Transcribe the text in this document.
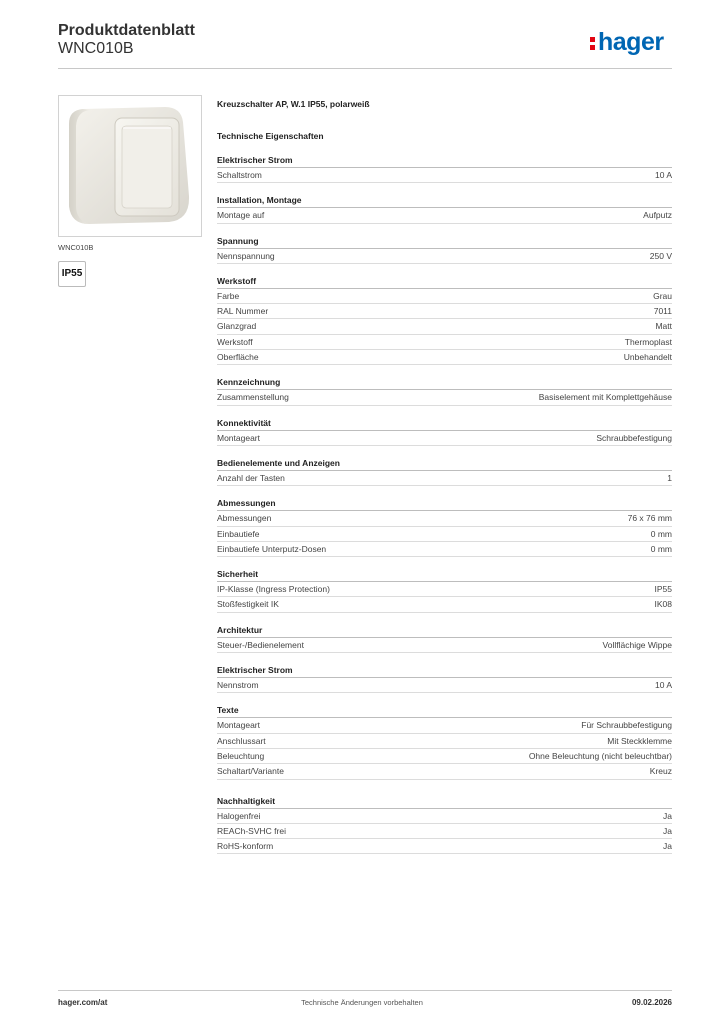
Produktdatenblatt
WNC010B	hager
WNC010B
IP55
Kreuzschalter AP, W.1 IP55, polarweiß
Technische Eigenschaften
Elektrischer Strom
Schaltstrom	10 A
Installation, Montage
Montage auf	Aufputz
Spannung
Nennspannung	250 V
Werkstoff
Farbe	Grau
RAL Nummer	7011
Glanzgrad	Matt
Werkstoff	Thermoplast
Oberfläche	Unbehandelt
Kennzeichnung
Zusammenstellung	Basiselement mit Komplettgehäuse
Konnektivität
Montageart	Schraubbefestigung
Bedienelemente und Anzeigen
Anzahl der Tasten	1
Abmessungen
Abmessungen	76 x 76 mm
Einbautiefe	0 mm
Einbautiefe Unterputz-Dosen	0 mm
Sicherheit
IP-Klasse (Ingress Protection)	IP55
Stoßfestigkeit IK	IK08
Architektur
Steuer-/Bedienelement	Vollflächige Wippe
Elektrischer Strom
Nennstrom	10 A
Texte
Montageart	Für Schraubbefestigung
Anschlussart	Mit Steckklemme
Beleuchtung	Ohne Beleuchtung (nicht beleuchtbar)
Schaltart/Variante	Kreuz
Nachhaltigkeit
Halogenfrei	Ja
REACh-SVHC frei	Ja
RoHS-konform	Ja
hager.com/at	Technische Änderungen vorbehalten	09.02.2026
